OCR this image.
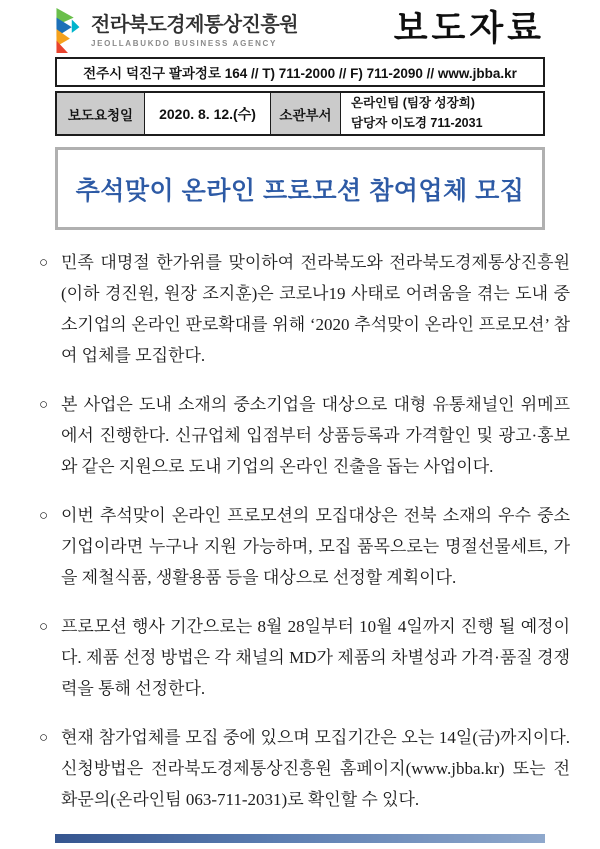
전라북도경제통상진흥원
JEOLLABUKDO BUSINESS AGENCY	보도자료
전주시 덕진구 팔과정로 164 // T) 711-2000 // F) 711-2090 // www.jbba.kr
보도요청일	2020. 8. 12.(수)	소관부서
온라인팀 (팀장 성장희)
담당자 이도경 711-2031
추석맞이 온라인 프로모션 참여업체 모집
○ 민족 대명절 한가위를 맞이하여 전라북도와 전라북도경제통상진흥원 (이하 경진원, 원장 조지훈)은 코로나19 사태로 어려움을 겪는 도내 중소기업의 온라인 판로확대를 위해 ‘2020 추석맞이 온라인 프로모션’ 참여 업체를 모집한다.
○ 본 사업은 도내 소재의 중소기업을 대상으로 대형 유통채널인 위메프에서 진행한다. 신규업체 입점부터 상품등록과 가격할인 및 광고·홍보와 같은 지원으로 도내 기업의 온라인 진출을 돕는 사업이다.
○ 이번 추석맞이 온라인 프로모션의 모집대상은 전북 소재의 우수 중소기업이라면 누구나 지원 가능하며, 모집 품목으로는 명절선물세트, 가을 제철식품, 생활용품 등을 대상으로 선정할 계획이다.
○ 프로모션 행사 기간으로는 8월 28일부터 10월 4일까지 진행 될 예정이다. 제품 선정 방법은 각 채널의 MD가 제품의 차별성과 가격·품질 경쟁력을 통해 선정한다.
○ 현재 참가업체를 모집 중에 있으며 모집기간은 오는 14일(금)까지이다. 신청방법은 전라북도경제통상진흥원 홈페이지(www.jbba.kr) 또는 전화문의(온라인팀 063-711-2031)로 확인할 수 있다.
